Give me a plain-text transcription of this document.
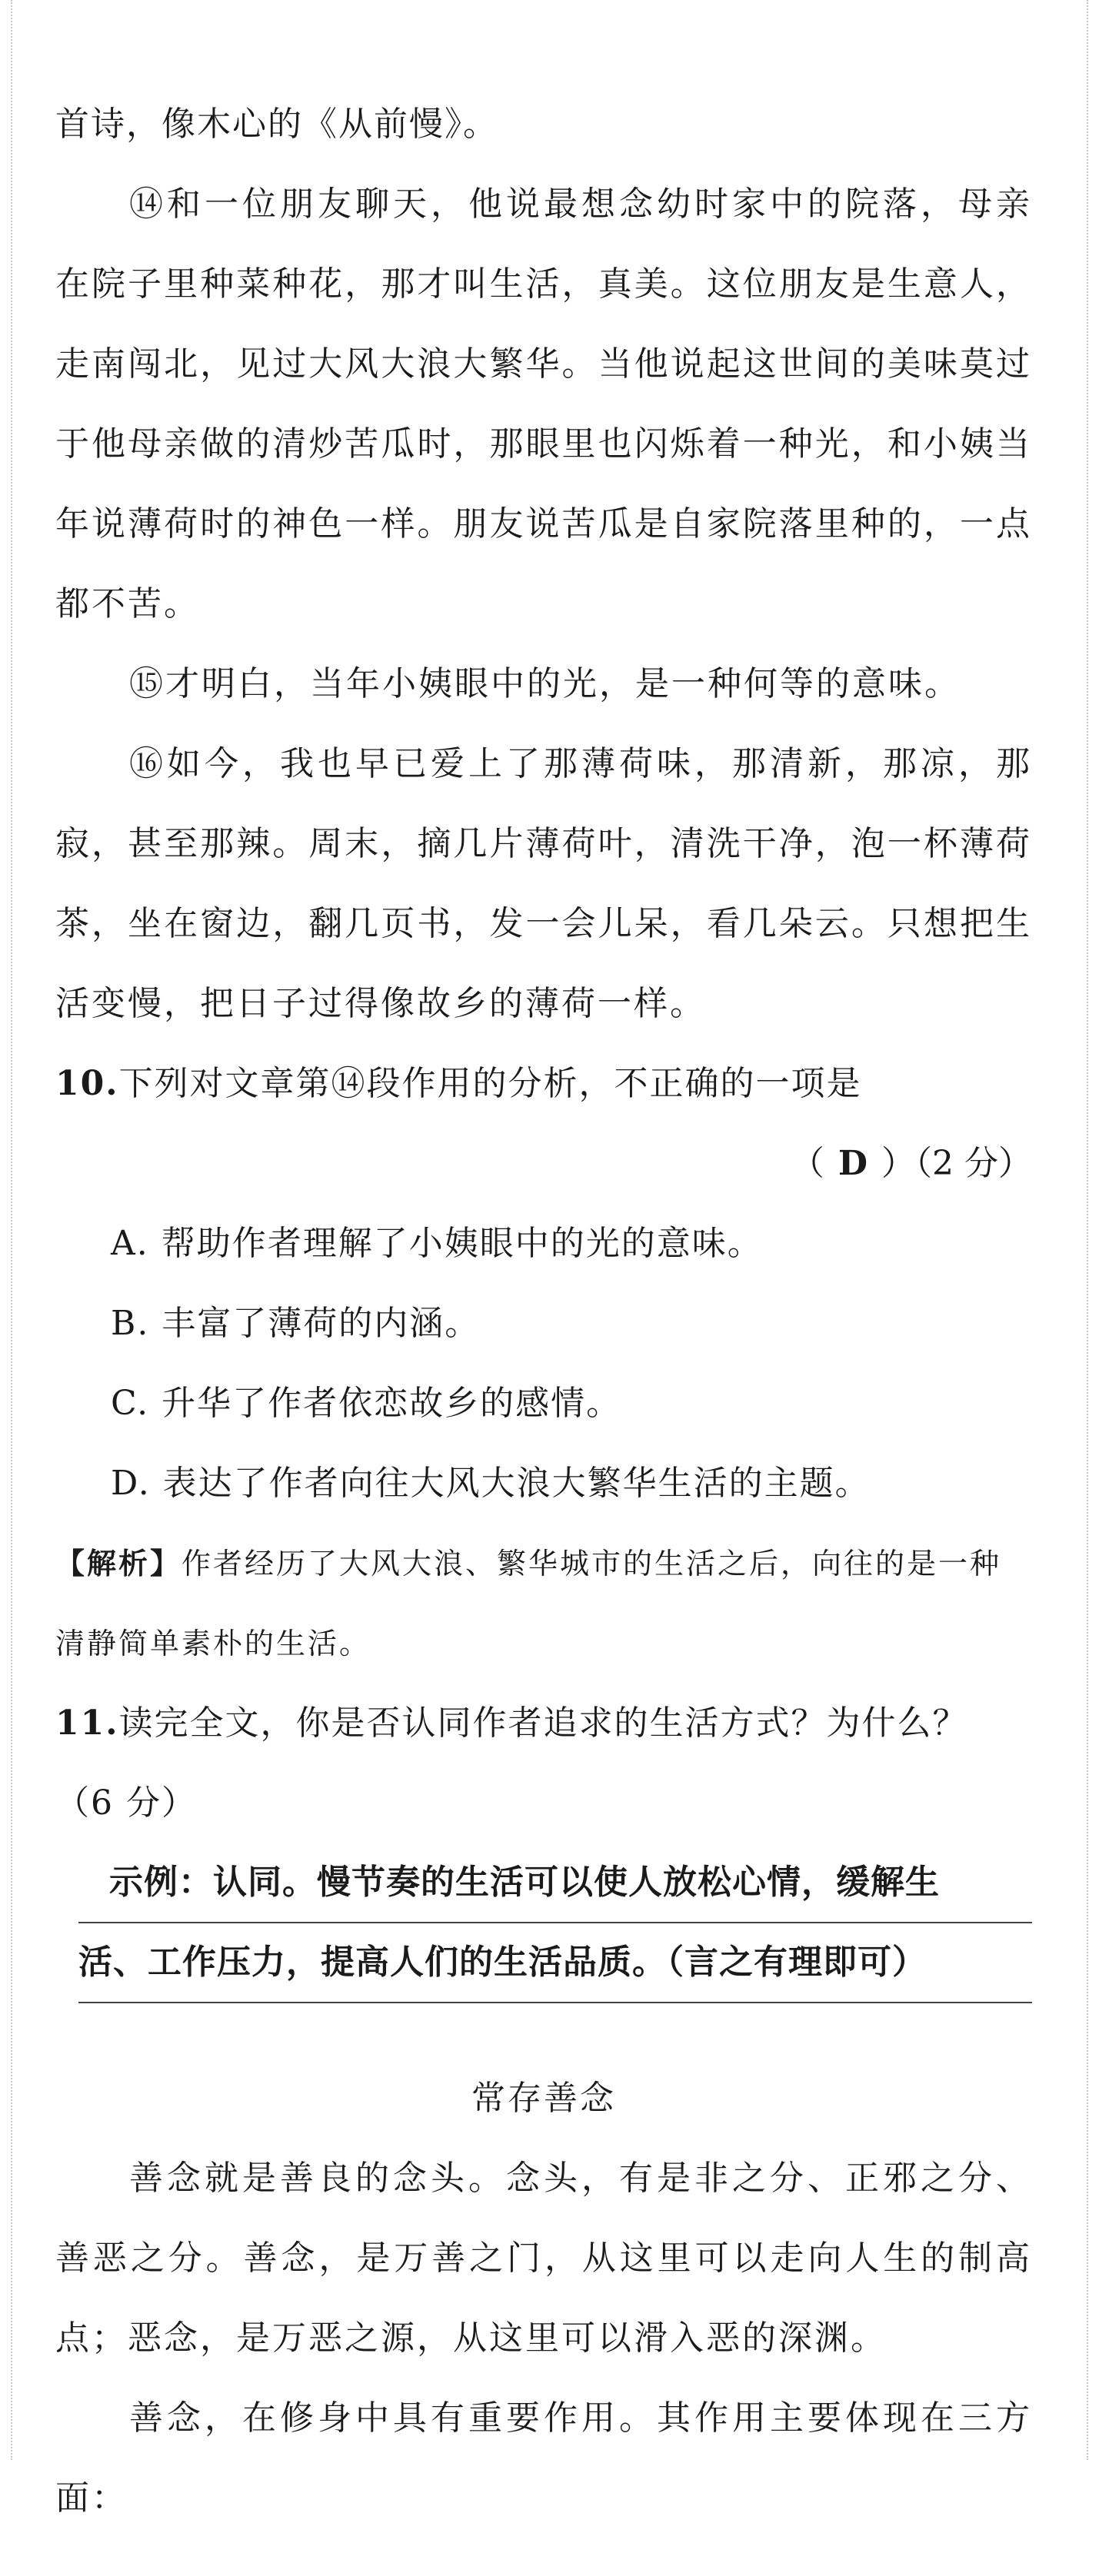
首诗，像木心的《从前慢》。

⑭和一位朋友聊天，他说最想念幼时家中的院落，母亲在院子里种菜种花，那才叫生活，真美。这位朋友是生意人，走南闯北，见过大风大浪大繁华。当他说起这世间的美味莫过于他母亲做的清炒苦瓜时，那眼里也闪烁着一种光，和小姨当年说薄荷时的神色一样。朋友说苦瓜是自家院落里种的，一点都不苦。

⑮才明白，当年小姨眼中的光，是一种何等的意味。

⑯如今，我也早已爱上了那薄荷味，那清新，那凉，那寂，甚至那辣。周末，摘几片薄荷叶，清洗干净，泡一杯薄荷茶，坐在窗边，翻几页书，发一会儿呆，看几朵云。只想把生活变慢，把日子过得像故乡的薄荷一样。

10.下列对文章第⑭段作用的分析，不正确的一项是

（ D ）（2 分）

A. 帮助作者理解了小姨眼中的光的意味。

B. 丰富了薄荷的内涵。

C. 升华了作者依恋故乡的感情。

D. 表达了作者向往大风大浪大繁华生活的主题。

【解析】作者经历了大风大浪、繁华城市的生活之后，向往的是一种清静简单素朴的生活。

11.读完全文，你是否认同作者追求的生活方式？为什么？
（6 分）

示例：认同。慢节奏的生活可以使人放松心情，缓解生
活、工作压力，提高人们的生活品质。（言之有理即可）
常存善念

善念就是善良的念头。念头，有是非之分、正邪之分、善恶之分。善念，是万善之门，从这里可以走向人生的制高点；恶念，是万恶之源，从这里可以滑入恶的深渊。

善念，在修身中具有重要作用。其作用主要体现在三方面：
